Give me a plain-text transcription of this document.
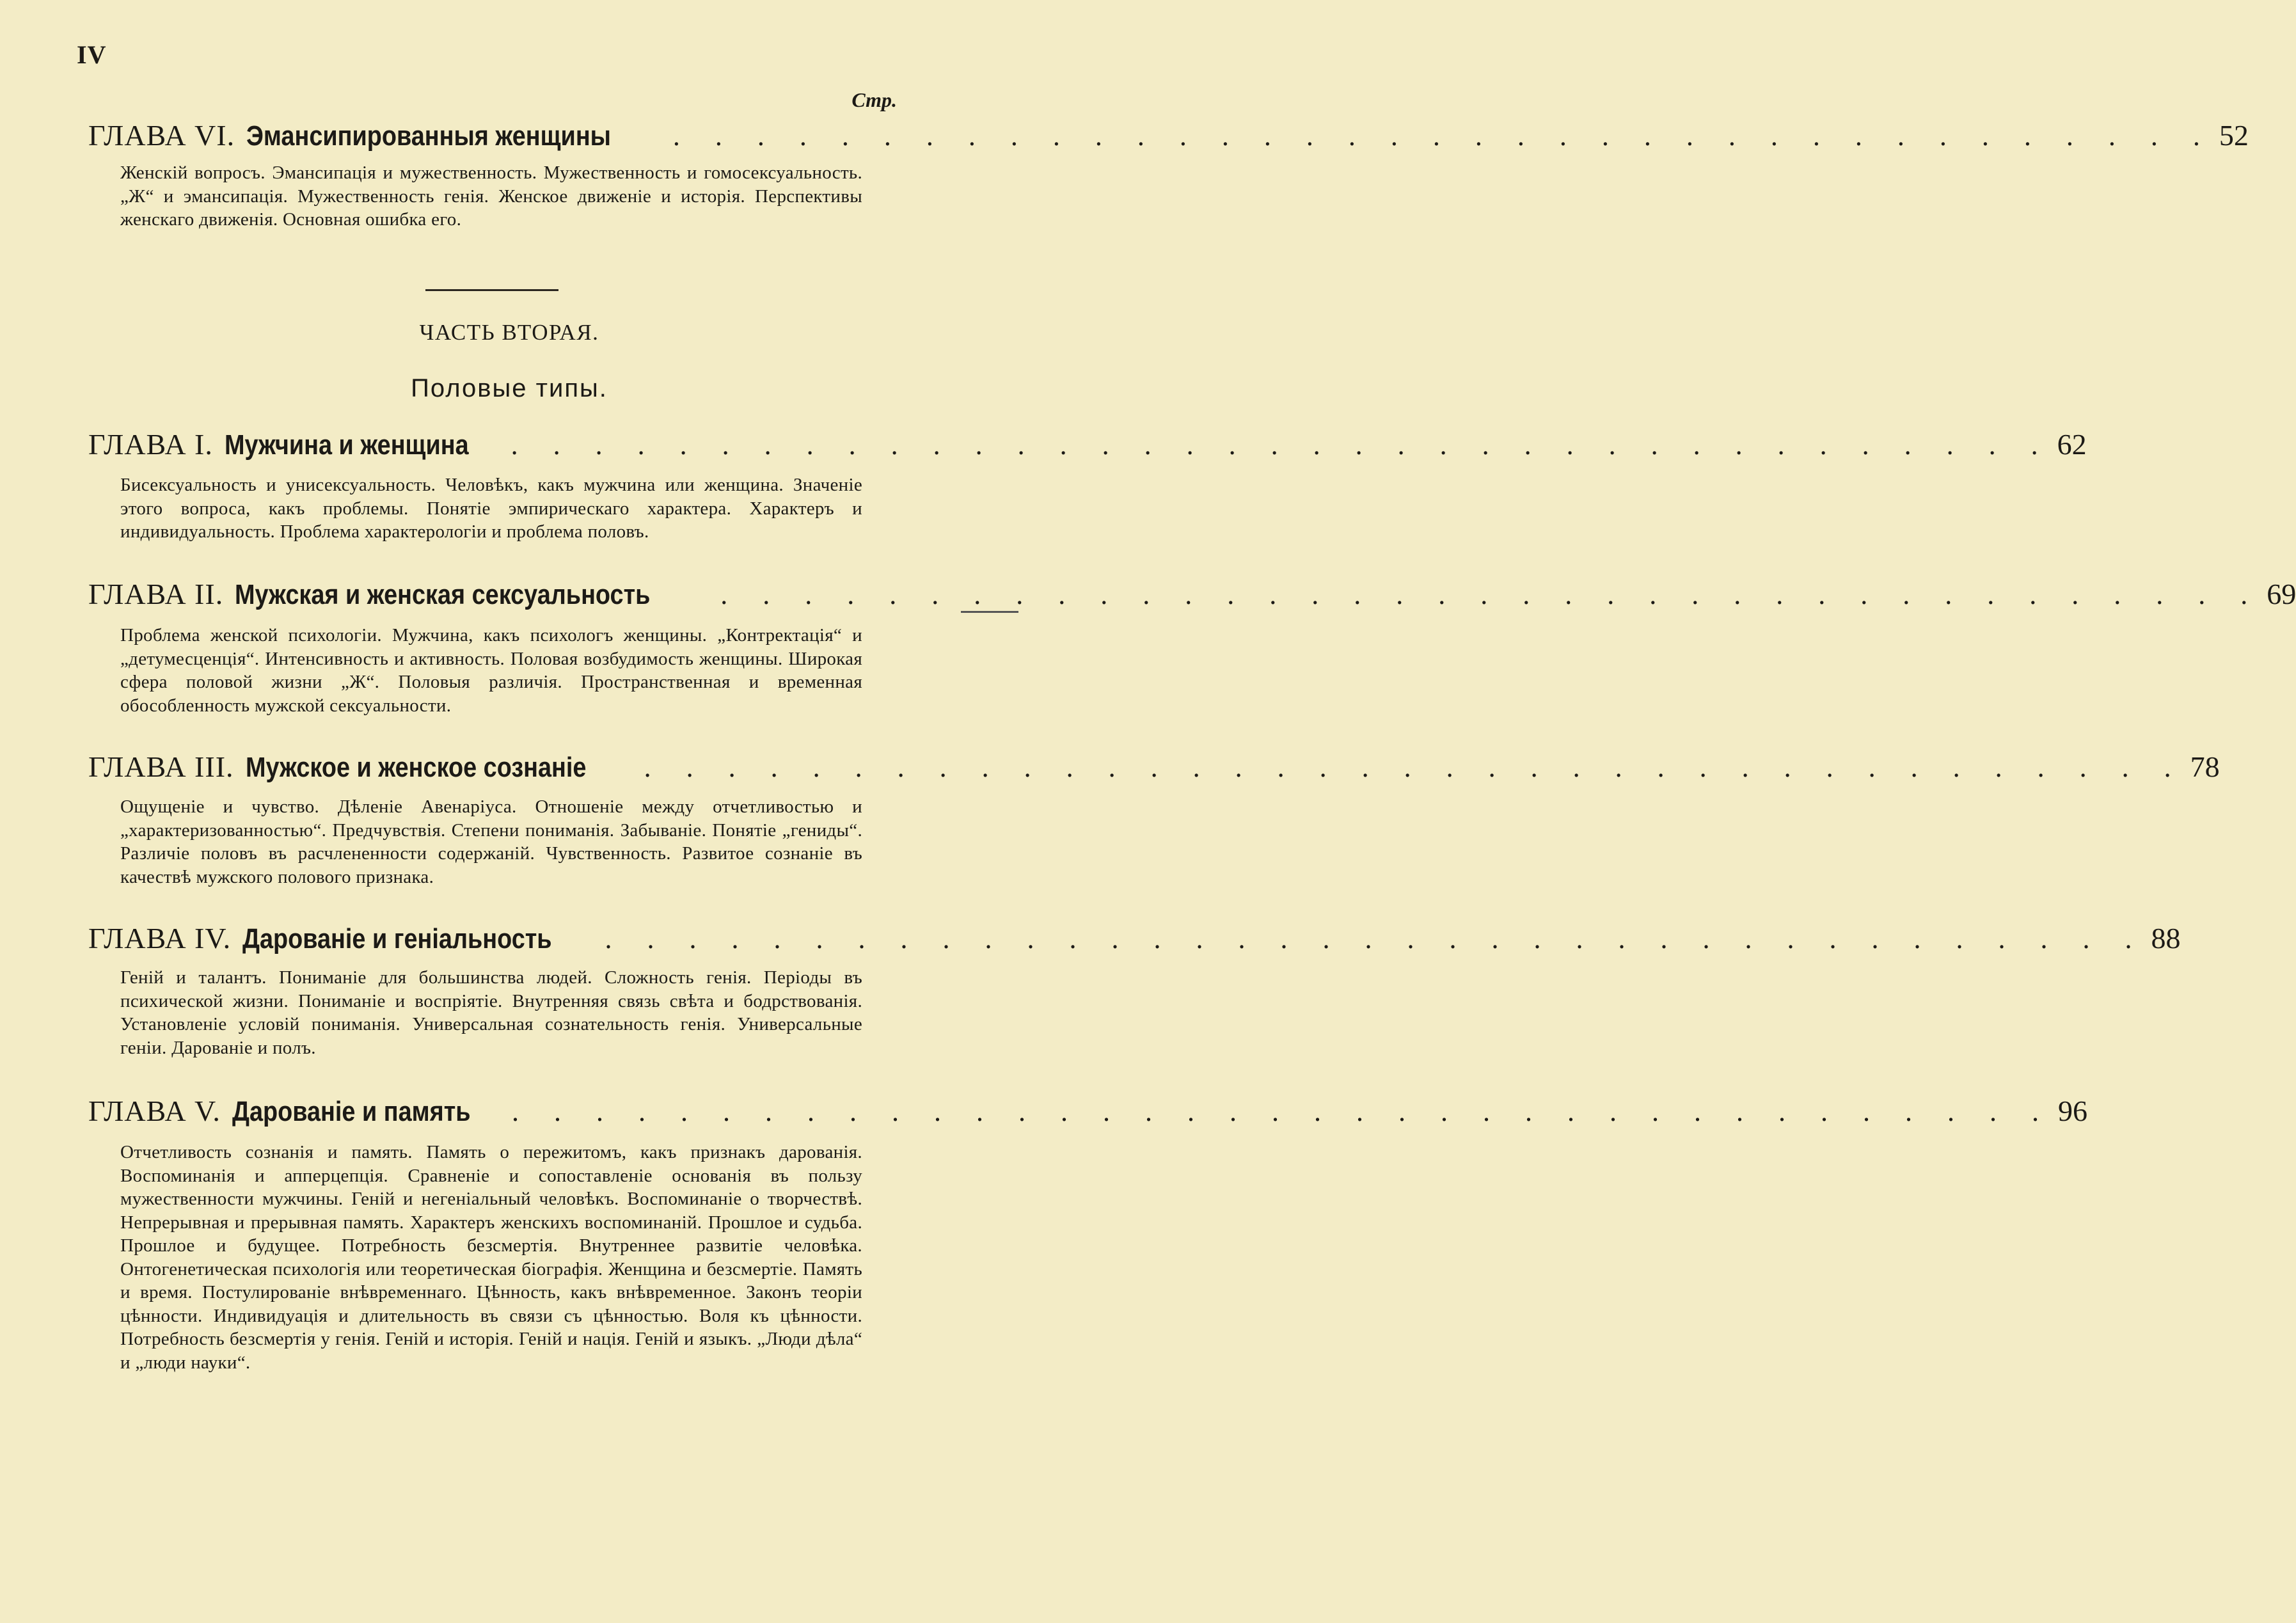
IV
Стр.
ГЛАВА VI. Эмансипированныя женщины . . . . . . . . . . . . . . . . . . . . . . . . . . . . . . . . . . . . . 52
Женскій вопросъ. Эмансипація и мужественность. Мужественность и гомосексуальность. „Ж“ и эмансипація. Мужественность генія. Женское движеніе и исторія. Перспективы женскаго движенія. Основная ошибка его.
ЧАСТЬ ВТОРАЯ.
Половые типы.
ГЛАВА I. Мужчина и женщина . . . . . . . . . . . . . . . . . . . . . . . . . . . . . . . . . . . . . 62
Бисексуальность и унисексуальность. Человѣкъ, какъ мужчина или женщина. Значеніе этого вопроса, какъ проблемы. Понятіе эмпирическаго характера. Характеръ и индивидуальность. Проблема характерологіи и проблема половъ.
ГЛАВА II. Мужская и женская сексуальность . . . . . . . . . . . . . . . . . . . . . . . . . . . . . . . . . . . . . 69
Проблема женской психологіи. Мужчина, какъ психологъ женщины. „Контректація“ и „детумесценція“. Интенсивность и активность. Половая возбудимость женщины. Широкая сфера половой жизни „Ж“. Половыя различія. Пространственная и временная обособленность мужской сексуальности.
ГЛАВА III. Мужское и женское сознаніе . . . . . . . . . . . . . . . . . . . . . . . . . . . . . . . . . . . . . 78
Ощущеніе и чувство. Дѣленіе Авенаріуса. Отношеніе между отчетливостью и „характеризованностью“. Предчувствія. Степени пониманія. Забываніе. Понятіе „гениды“. Различіе половъ въ расчлененности содержаній. Чувственность. Развитое сознаніе въ качествѣ мужского полового признака.
ГЛАВА IV. Дарованіе и геніальность . . . . . . . . . . . . . . . . . . . . . . . . . . . . . . . . . . . . . 88
Геній и талантъ. Пониманіе для большинства людей. Сложность генія. Періоды въ психической жизни. Пониманіе и воспріятіе. Внутренняя связь свѣта и бодрствованія. Установленіе условій пониманія. Универсальная сознательность генія. Универсальные геніи. Дарованіе и полъ.
ГЛАВА V. Дарованіе и память . . . . . . . . . . . . . . . . . . . . . . . . . . . . . . . . . . . . . 96
Отчетливость сознанія и память. Память о пережитомъ, какъ признакъ дарованія. Воспоминанія и апперцепція. Сравненіе и сопоставленіе основанія въ пользу мужественности мужчины. Геній и негеніальный человѣкъ. Воспоминаніе о творчествѣ. Непрерывная и прерывная память. Характеръ женскихъ воспоминаній. Прошлое и судьба. Прошлое и будущее. Потребность безсмертія. Внутреннее развитіе человѣка. Онтогенетическая психологія или теоретическая біографія. Женщина и безсмертіе. Память и время. Постулированіе внѣвременнаго. Цѣнность, какъ внѣвременное. Законъ теоріи цѣнности. Индивидуація и длительность въ связи съ цѣнностью. Воля къ цѣнности. Потребность безсмертія у генія. Геній и исторія. Геній и нація. Геній и языкъ. „Люди дѣла“ и „люди науки“.
